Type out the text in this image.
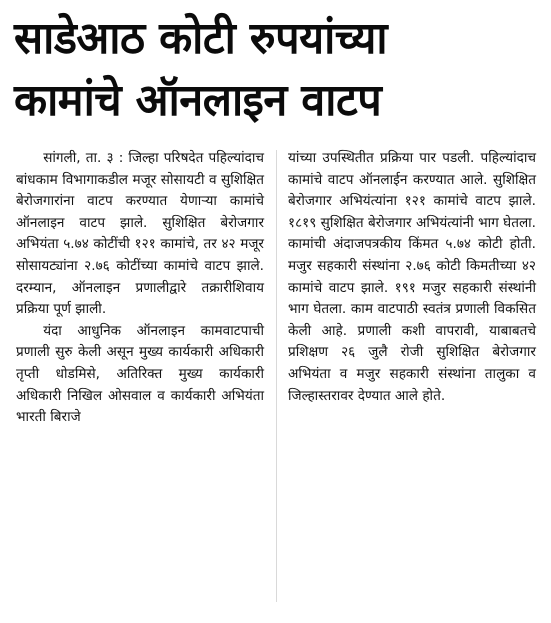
साडेआठ कोटी रुपयांच्या
कामांचे ऑनलाइन वाटप

सांगली, ता. ३ : जिल्हा परिषदेत पहिल्यांदाच बांधकाम विभागाकडील मजूर सोसायटी व सुशिक्षित बेरोजगारांना वाटप करण्यात येणाऱ्या कामांचे ऑनलाइन वाटप झाले. सुशिक्षित बेरोजगार अभियंता ५.७४ कोटींची १२१ कामांचे, तर ४२ मजूर सोसायट्यांना २.७६ कोटींच्या कामांचे वाटप झाले. दरम्यान, ऑनलाइन प्रणालीद्वारे तक्रारीशिवाय प्रक्रिया पूर्ण झाली.

यंदा आधुनिक ऑनलाइन कामवाटपाची प्रणाली सुरु केली असून मुख्य कार्यकारी अधिकारी तृप्ती धोडमिसे, अतिरिक्त मुख्य कार्यकारी अधिकारी निखिल ओसवाल व कार्यकारी अभियंता भारती बिराजे

यांच्या उपस्थितीत प्रक्रिया पार पडली. पहिल्यांदाच कामांचे वाटप ऑनलाईन करण्यात आले. सुशिक्षित बेरोजगार अभियंत्यांना १२१ कामांचे वाटप झाले. १८१९ सुशिक्षित बेरोजगार अभियंत्यांनी भाग घेतला. कामांची अंदाजपत्रकीय किंमत ५.७४ कोटी होती. मजुर सहकारी संस्थांना २.७६ कोटी किमतीच्या ४२ कामांचे वाटप झाले. १९१ मजुर सहकारी संस्थांनी भाग घेतला. काम वाटपाठी स्वतंत्र प्रणाली विकसित केली आहे. प्रणाली कशी वापरावी, याबाबतचे प्रशिक्षण २६ जुलै रोजी सुशिक्षित बेरोजगार अभियंता व मजुर सहकारी संस्थांना तालुका व जिल्हास्तरावर देण्यात आले होते.
